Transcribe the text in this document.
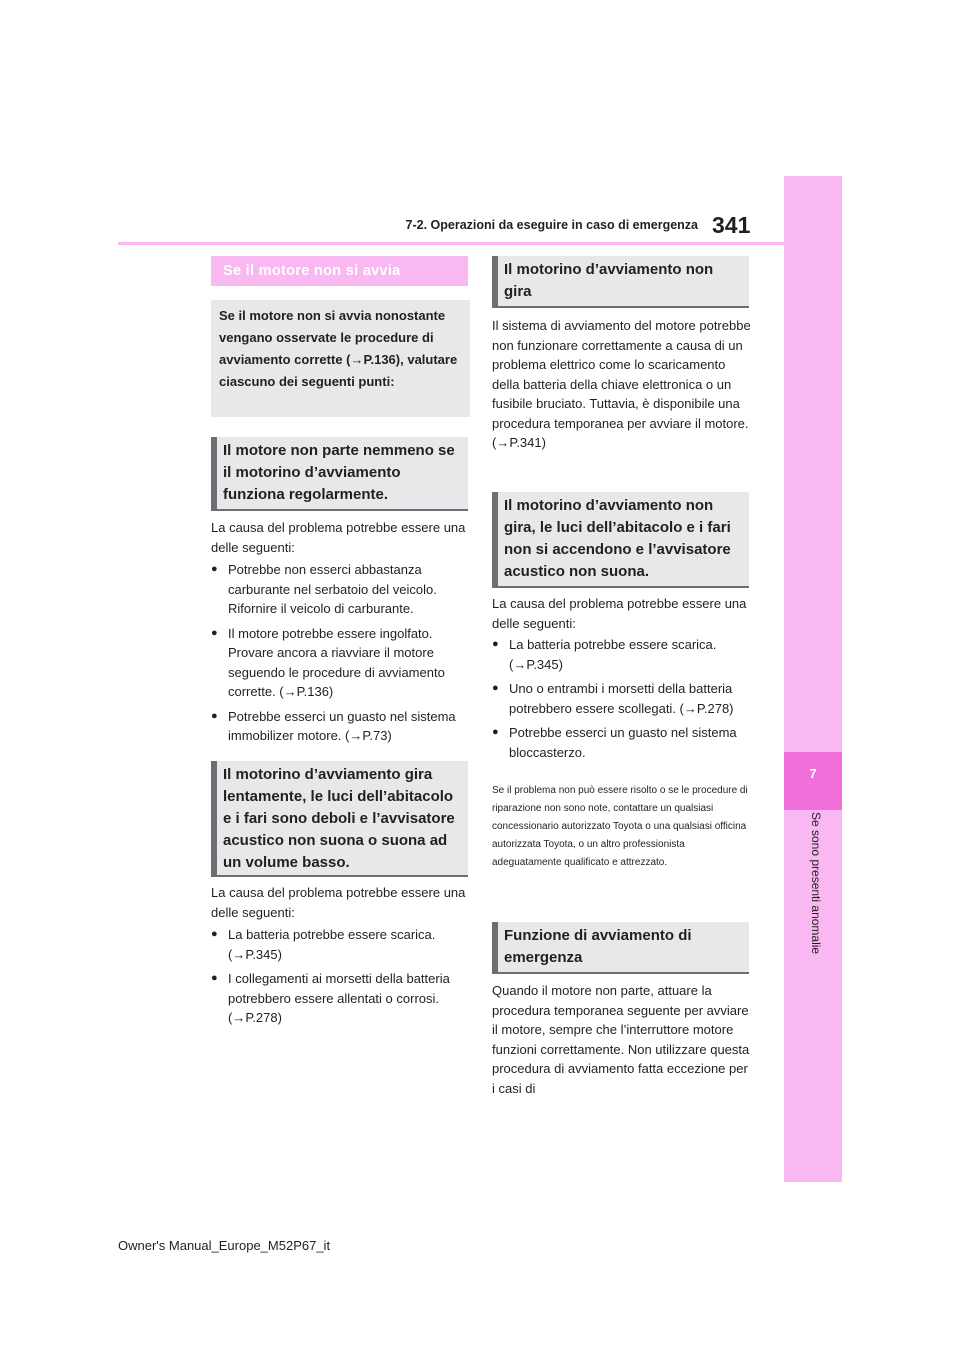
7
Se sono presenti anomalie
7-2. Operazioni da eseguire in caso di emergenza 341
Se il motore non si avvia
Se il motore non si avvia nonostante vengano osservate le procedure di avviamento corrette (→P.136), valutare ciascuno dei seguenti punti:
Il motore non parte nemmeno se il motorino d’avviamento funziona regolarmente.
La causa del problema potrebbe essere una delle seguenti:
● Potrebbe non esserci abbastanza carburante nel serbatoio del veicolo. Rifornire il veicolo di carburante.
● Il motore potrebbe essere ingolfato. Provare ancora a riavviare il motore seguendo le procedure di avviamento corrette. (→P.136)
● Potrebbe esserci un guasto nel sistema immobilizer motore. (→P.73)
Il motorino d’avviamento gira lentamente, le luci dell’abitacolo e i fari sono deboli e l’avvisatore acustico non suona o suona ad un volume basso.
La causa del problema potrebbe essere una delle seguenti:
● La batteria potrebbe essere scarica. (→P.345)
● I collegamenti ai morsetti della batteria potrebbero essere allentati o corrosi. (→P.278)
Il motorino d’avviamento non gira
Il sistema di avviamento del motore potrebbe non funzionare correttamente a causa di un problema elettrico come lo scaricamento della batteria della chiave elettronica o un fusibile bruciato. Tuttavia, è disponibile una procedura temporanea per avviare il motore. (→P.341)
Il motorino d’avviamento non gira, le luci dell’abitacolo e i fari non si accendono e l’avvisatore acustico non suona.
La causa del problema potrebbe essere una delle seguenti:
● La batteria potrebbe essere scarica. (→P.345)
● Uno o entrambi i morsetti della batteria potrebbero essere scollegati. (→P.278)
● Potrebbe esserci un guasto nel sistema bloccasterzo.
Se il problema non può essere risolto o se le procedure di riparazione non sono note, contattare un qualsiasi concessionario autorizzato Toyota o una qualsiasi officina autorizzata Toyota, o un altro professionista adeguatamente qualificato e attrezzato.
Funzione di avviamento di emergenza
Quando il motore non parte, attuare la procedura temporanea seguente per avviare il motore, sempre che l’interruttore motore funzioni correttamente. Non utilizzare questa procedura di avviamento fatta eccezione per i casi di
Owner's Manual_Europe_M52P67_it
